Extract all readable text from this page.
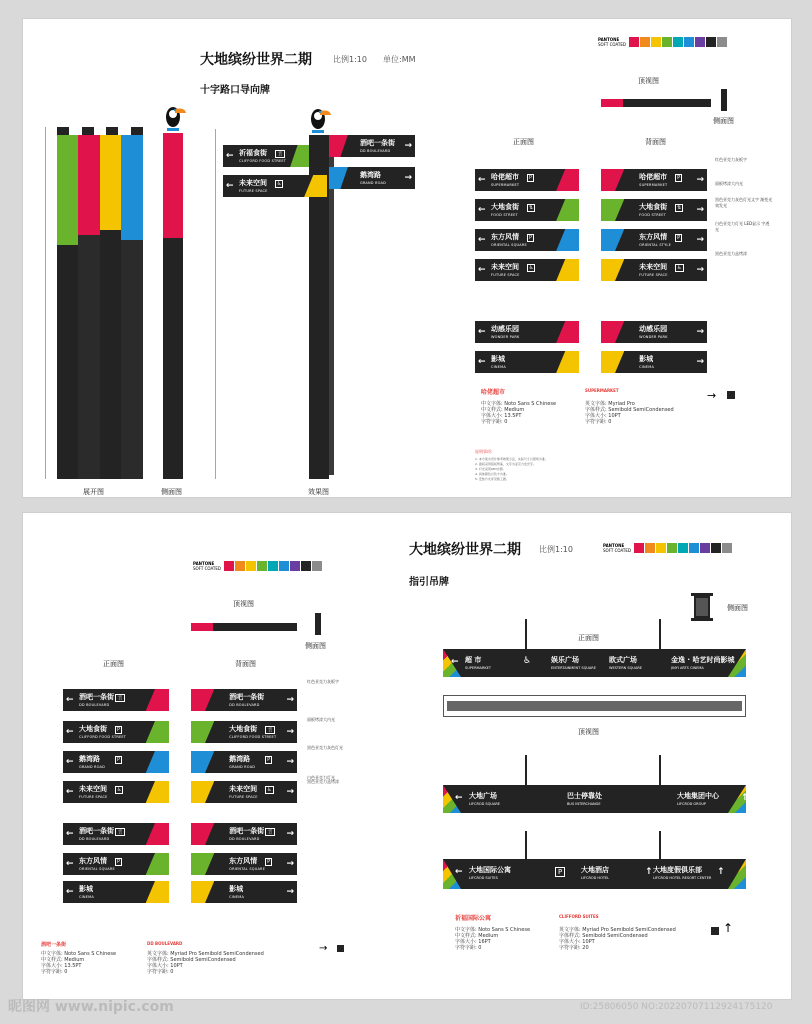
大地缤纷世界二期	比例1:10 单位:MM
十字路口导向牌
PANTONE
SOFT COATED
展开图	侧面图
← 祈福食街
CLIFFORD FOOD STREET
🍴
← 未来空间
FUTURE SPACE
♿
→
酒吧一条街
DD BOULEVARD
→
鹅湾路
GRAND ROAD
效果图
顶视图
侧面图
正面图	背面图
← 哈佬超市
SUPERMARKET
P
← 大地食街
FOOD STREET
⇅
← 东方风情
ORIENTAL SQUARE
P
← 未来空间
FUTURE SPACE
♿
← 动感乐园
WONDER PARK
← 影城
CINEMA
→
哈佬超市
SUPERMARKET
P
→
大地食街
FOOD STREET
⇅
→
东方风情
ORIENTAL STYLE
P
→
未来空间
FUTURE SPACE
♿
→
动感乐园
WONDER PARK
→
影城
CINEMA
红色亚克力灰板字
面板烤漆大内光
黑色亚克力灰色灯光文字 渐变光效发光
白色亚克力灯光 LED显示 字透光
黑色亚克力盒烤漆
哈佬超市	SUPERMARKET
中文字体: Noto Sans S Chinese
中文样式: Medium
字体大小: 13.5PT
字符字距: 0
英文字体: Myriad Pro
字体样式: Semibold SemiCondensed
字体大小: 10PT
字符字距: 0
→
说明事项:
1. 本方案为设计参考效果示意，实际尺寸以现场为准。
2. 面板采用铝板烤漆，文字为亚克力发光字。
3. 灯光采用LED光源。
4. 具体颜色以色卡为准。
5. 安装方式详见施工图。
大地缤纷世界二期 比例1:10
指引吊牌
PANTONE
SOFT COATED
PANTONE
SOFT COATED
顶视图
侧面图
正面图	背面图
← 酒吧一条街
DD BOULEVARD
🍴
← 大地食街
CLIFFORD FOOD STREET
P
← 鹅湾路
GRAND ROAD
P
← 未来空间
FUTURE SPACE
♿
← 酒吧一条街
DD BOULEVARD
🍴
← 东方风情
ORIENTAL SQUARE
P
← 影城
CINEMA
→
酒吧一条街
DD BOULEVARD
→
大地食街
CLIFFORD FOOD STREET
🍴
→
鹅湾路
GRAND ROAD
P
→
未来空间
FUTURE SPACE
♿
→
酒吧一条街
DD BOULEVARD
🍴
→
东方风情
ORIENTAL SQUARE
P
→
影城
CINEMA
红色亚克力灰板字
面板烤漆大内光
黑色亚克力灰色灯光
白色亚克力灯光
黑色亚克力盒烤漆
酒吧一条街	DD BOULEVARD
中文字体: Noto Sans S Chinese
中文样式: Medium
字体大小: 13.5PT
字符字距: 0
英文字体: Myriad Pro Semibold SemiCondensed
字体样式: Semibold SemiCondensed
字体大小: 10PT
字符字距: 0
→
侧面图
正面图
← 超 市
SUPERMARKET
娱乐广场
ENTERTAINMENT SQUARE
欧式广场
WESTERN SQUARE
金逸 · 哈艺时尚影城
JINYI ARTS CINEMA
♿
顶视图
← 大地广场
LIFCROD SQUARE
巴士停靠处
BUS INTERCHANGE
↑
大地集团中心
LIFCROD GROUP
← 大地国际公寓
LIFCROD SUITES
↑
大地酒店
LIFCROD HOTEL
↑
大地度假俱乐部
LIFCROD HOTEL RESORT CENTER
P
祈福国际公寓	CLIFFORD SUITES
中文字体: Noto Sans S Chinese
中文样式: Medium
字体大小: 16PT
字符字距: 0
英文字体: Myriad Pro Semibold SemiCondensed
字体样式: Semibold SemiCondensed
字体大小: 10PT
字符字距: 20
↑
昵图网 www.nipic.com	ID:25806050 NO:20220707112924175120
